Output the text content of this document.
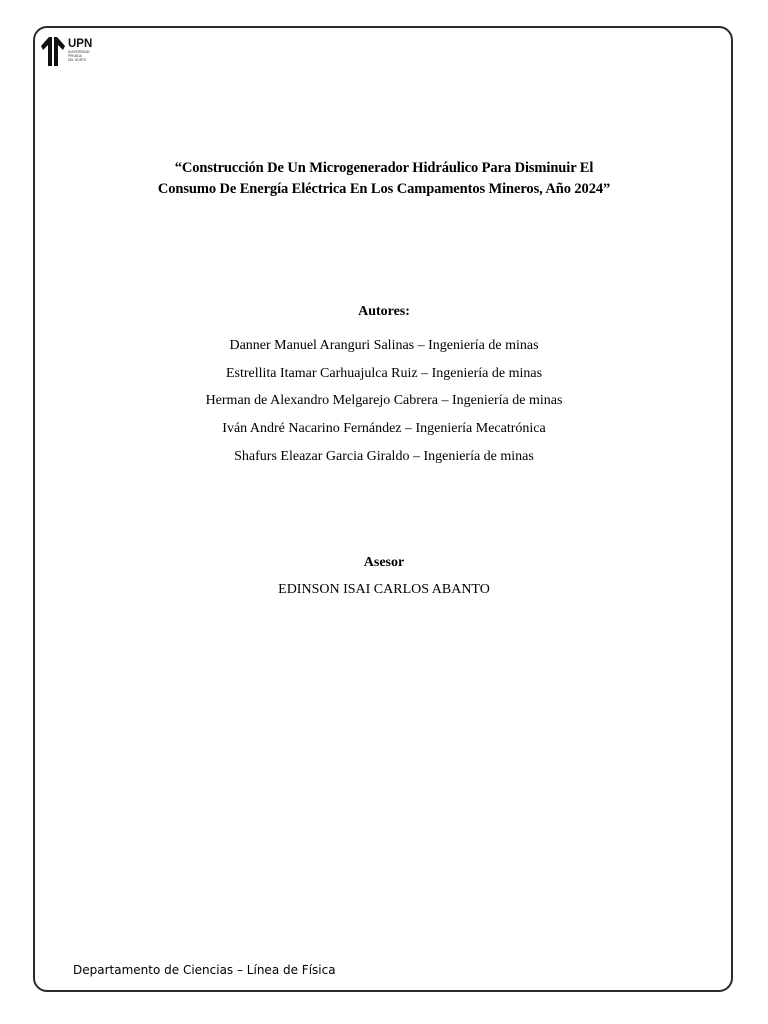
UPN
UNIVERSIDAD
PRIVADA
DEL NORTE
“Construcción De Un Microgenerador Hidráulico Para Disminuir El
Consumo De Energía Eléctrica En Los Campamentos Mineros, Año 2024”
Autores:
Danner Manuel Aranguri Salinas – Ingeniería de minas
Estrellita Itamar Carhuajulca Ruiz – Ingeniería de minas
Herman de Alexandro Melgarejo Cabrera – Ingeniería de minas
Iván André Nacarino Fernández – Ingeniería Mecatrónica
Shafurs Eleazar Garcia Giraldo – Ingeniería de minas
Asesor
EDINSON ISAI CARLOS ABANTO
Departamento de Ciencias – Línea de Física
